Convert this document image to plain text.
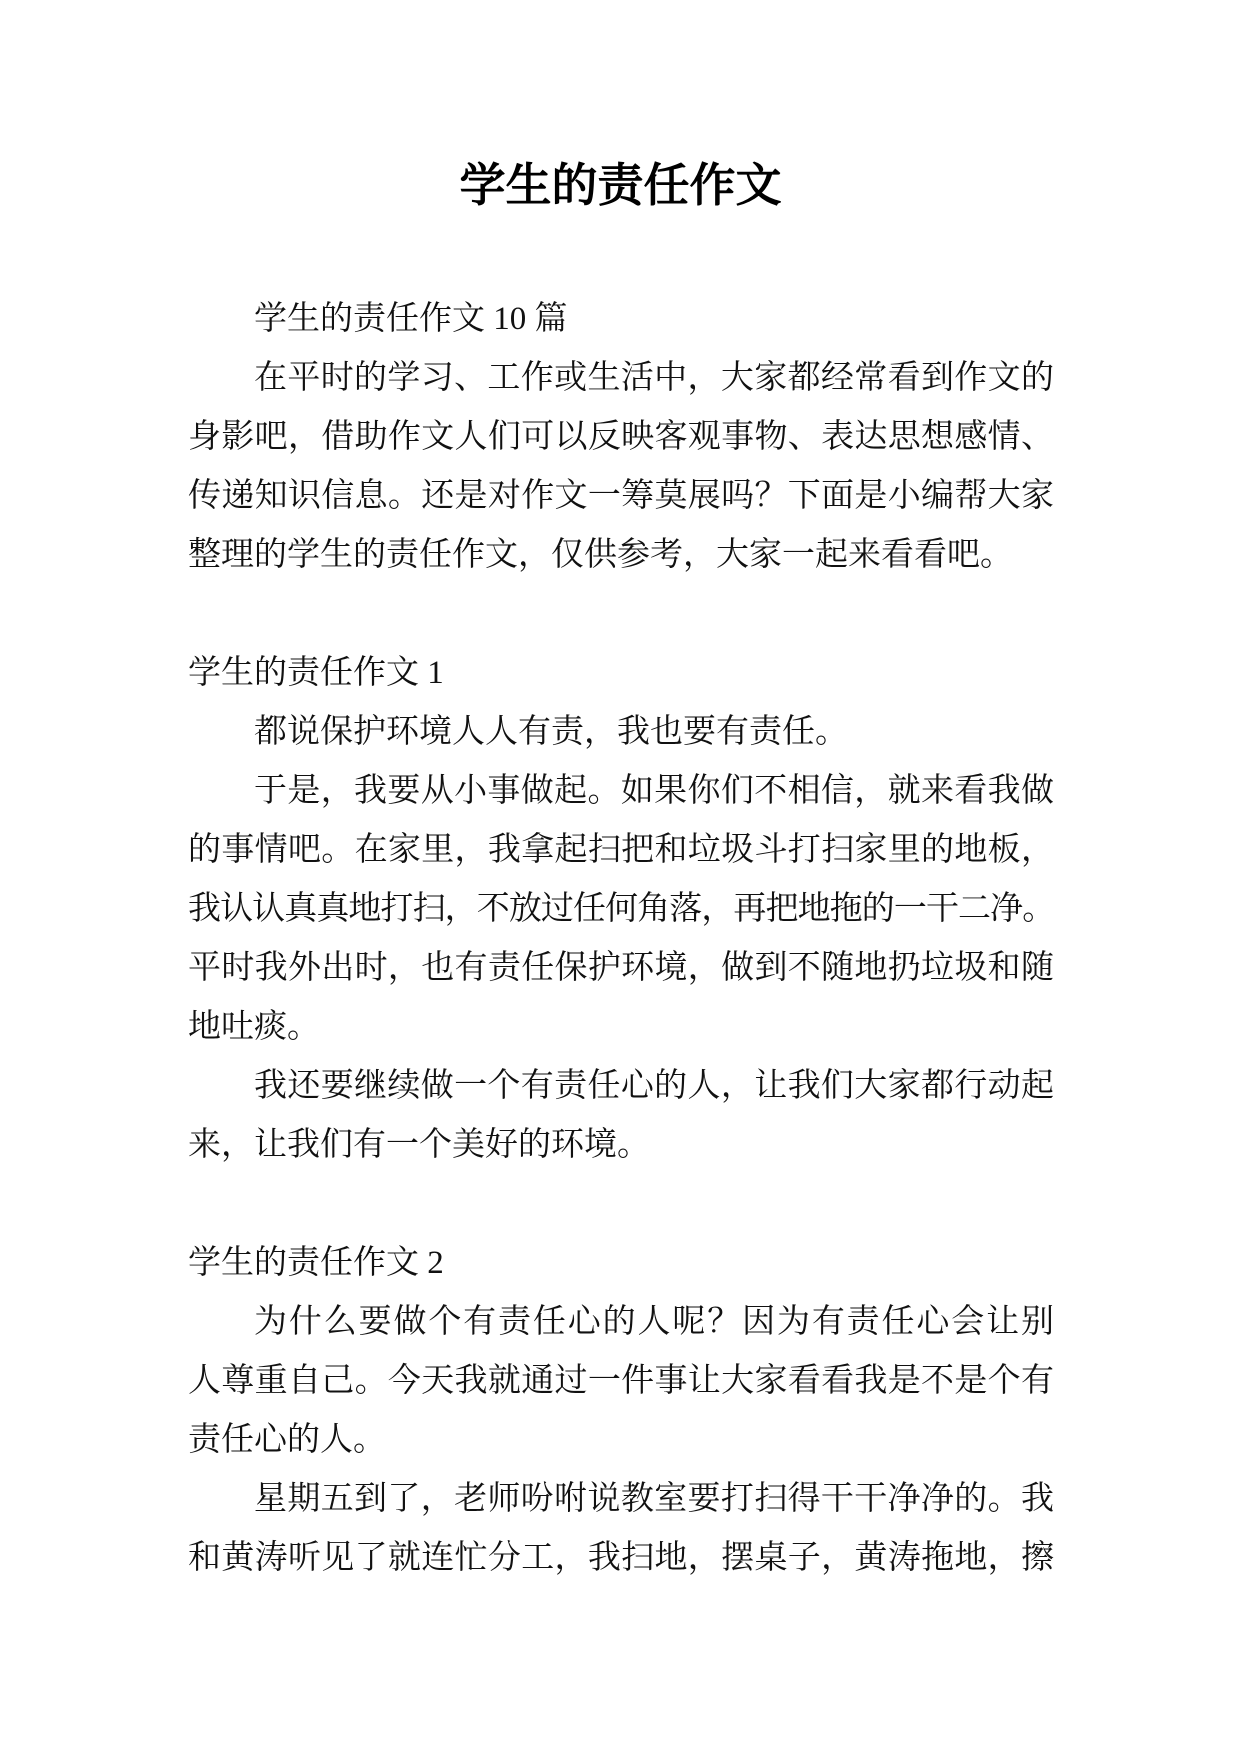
学生的责任作文
学生的责任作文 10 篇
在平时的学习、工作或生活中，大家都经常看到作文的
身影吧，借助作文人们可以反映客观事物、表达思想感情、
传递知识信息。还是对作文一筹莫展吗？下面是小编帮大家
整理的学生的责任作文，仅供参考，大家一起来看看吧。
学生的责任作文 1
都说保护环境人人有责，我也要有责任。
于是，我要从小事做起。如果你们不相信，就来看我做
的事情吧。在家里，我拿起扫把和垃圾斗打扫家里的地板，
我认认真真地打扫，不放过任何角落，再把地拖的一干二净。
平时我外出时，也有责任保护环境，做到不随地扔垃圾和随
地吐痰。
我还要继续做一个有责任心的人，让我们大家都行动起
来，让我们有一个美好的环境。
学生的责任作文 2
为什么要做个有责任心的人呢？因为有责任心会让别
人尊重自己。今天我就通过一件事让大家看看我是不是个有
责任心的人。
星期五到了，老师吩咐说教室要打扫得干干净净的。我
和黄涛听见了就连忙分工，我扫地，摆桌子，黄涛拖地，擦
